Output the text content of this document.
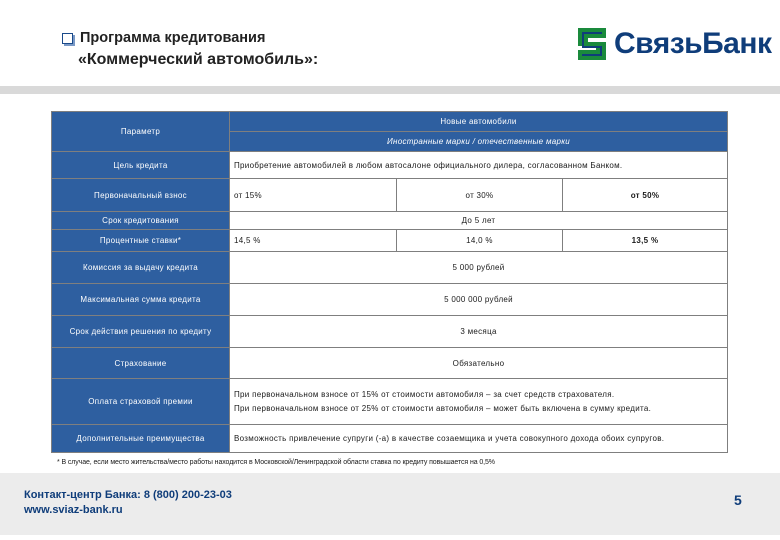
Программа кредитования
«Коммерческий автомобиль»:	СвязьБанк
Параметр	Новые автомобили		
	Иностранные марки / отечественные марки		
Цель кредита	Приобретение автомобилей в любом автосалоне официального дилера, согласованном Банком.		
Первоначальный взнос	от 15%	от 30%	от 50%
Срок кредитования	До 5 лет		
Процентные ставки*	14,5 %	14,0 %	13,5 %
Комиссия за выдачу кредита	5 000 рублей		
Максимальная сумма кредита	5 000 000 рублей		
Срок действия решения по кредиту	3 месяца		
Страхование	Обязательно		
Оплата страховой премии	При первоначальном взносе от 15% от стоимости автомобиля – за счет средств страхователя.
При первоначальном взносе от 25% от стоимости автомобиля – может быть включена в сумму кредита.		

Дополнительные преимущества	Возможность привлечение супруги (-а) в качестве созаемщика и учета совокупного дохода обоих супругов.		
* В случае, если место жительства/место работы находится в Московской/Ленинградской области ставка по кредиту повышается на 0,5%
Контакт-центр Банка: 8 (800) 200-23-03
www.sviaz-bank.ru
5
